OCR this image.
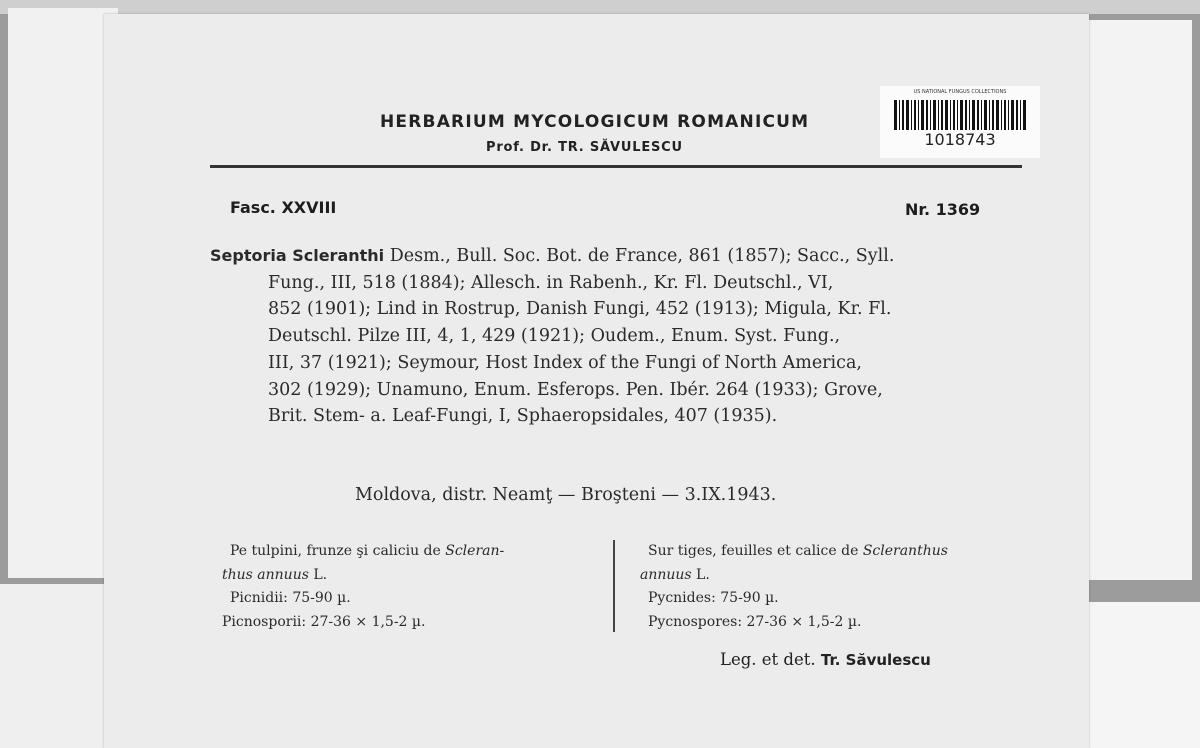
HERBARIUM MYCOLOGICUM ROMANICUM
Prof. Dr. TR. SĂVULESCU
US NATIONAL FUNGUS COLLECTIONS
1018743
Fasc. XXVIII	Nr. 1369
Septoria Scleranthi Desm., Bull. Soc. Bot. de France, 861 (1857); Sacc., Syll.
Fung., III, 518 (1884); Allesch. in Rabenh., Kr. Fl. Deutschl., VI,
852 (1901); Lind in Rostrup, Danish Fungi, 452 (1913); Migula, Kr. Fl.
Deutschl. Pilze III, 4, 1, 429 (1921); Oudem., Enum. Syst. Fung.,
III, 37 (1921); Seymour, Host Index of the Fungi of North America,
302 (1929); Unamuno, Enum. Esferops. Pen. Ibér. 264 (1933); Grove,
Brit. Stem- a. Leaf-Fungi, I, Sphaeropsidales, 407 (1935).
Moldova, distr. Neamţ — Broşteni — 3.IX.1943.
Pe tulpini, frunze şi caliciu de Scleran-
thus annuus L.
Picnidii: 75-90 µ.
Picnosporii: 27-36 × 1,5-2 µ.
Sur tiges, feuilles et calice de Scleranthus
annuus L.
Pycnides: 75-90 µ.
Pycnospores: 27-36 × 1,5-2 µ.
Leg. et det. Tr. Săvulescu
